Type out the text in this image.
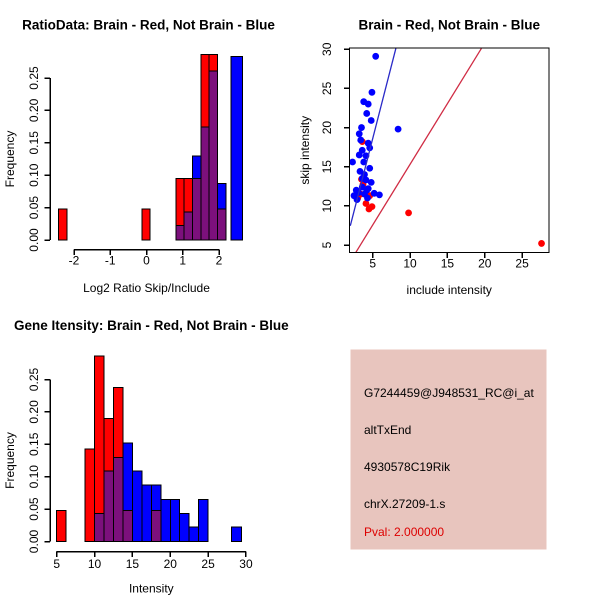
-2 -1 0 1 2
0.00
0.05
0.10
0.15
0.20
0.25
Log2 Ratio Skip/Include
Frequency
RatioData: Brain - Red, Not Brain - Blue
5 10 15 20 25
5
10
15
20
25
30
include intensity
skip intensity
Brain - Red, Not Brain - Blue
5 10 15 20 25 30
0.00
0.05
0.10
0.15
0.20
0.25
Intensity
Frequency
Gene Itensity: Brain - Red, Not Brain - Blue
G7244459@J948531_RC@i_at
altTxEnd
4930578C19Rik
chrX.27209-1.s
Pval: 2.000000
